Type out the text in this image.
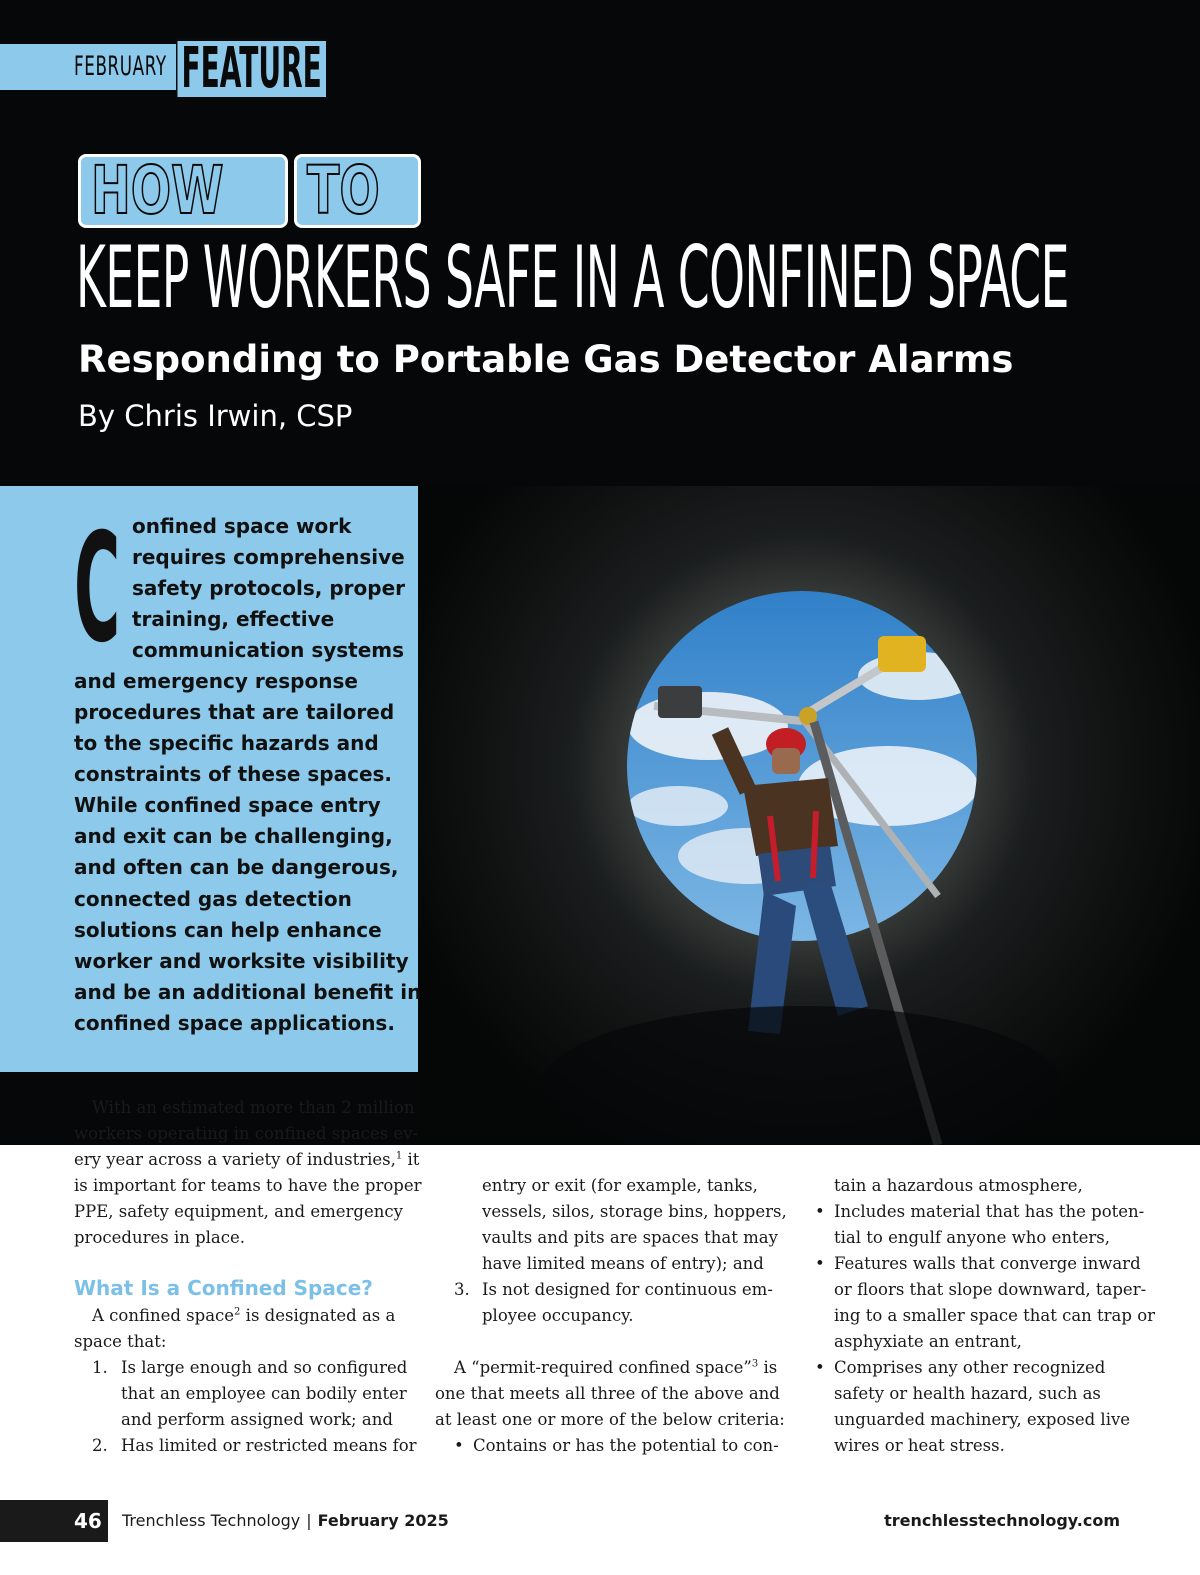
FEBRUARY FEATURE
HOW	TO
KEEP WORKERS SAFE IN A CONFINED SPACE
Responding to Portable Gas Detector Alarms
By Chris Irwin, CSP
C onfined space work
requires comprehensive
safety protocols, proper
training, effective
communication systems
and emergency response
procedures that are tailored
to the specific hazards and
constraints of these spaces.
While confined space entry
and exit can be challenging,
and often can be dangerous,
connected gas detection
solutions can help enhance
worker and worksite visibility
and be an additional benefit in
confined space applications.
With an estimated more than 2 million
workers operating in confined spaces ev-
ery year across a variety of industries,$^1$ it
is important for teams to have the proper
PPE, safety equipment, and emergency
procedures in place.
What Is a Confined Space?
A confined space$^2$ is designated as a
space that:
1. Is large enough and so configured
that an employee can bodily enter
and perform assigned work; and
2. Has limited or restricted means for
entry or exit (for example, tanks,
vessels, silos, storage bins, hoppers,
vaults and pits are spaces that may
have limited means of entry); and
3. Is not designed for continuous em-
ployee occupancy.
A “permit-required confined space”$^3$ is
one that meets all three of the above and
at least one or more of the below criteria:
• Contains or has the potential to con-
tain a hazardous atmosphere,
• Includes material that has the poten-
tial to engulf anyone who enters,
• Features walls that converge inward
or floors that slope downward, taper-
ing to a smaller space that can trap or
asphyxiate an entrant,
• Comprises any other recognized
safety or health hazard, such as
unguarded machinery, exposed live
wires or heat stress.
46 Trenchless Technology | February 2025	trenchlesstechnology.com
